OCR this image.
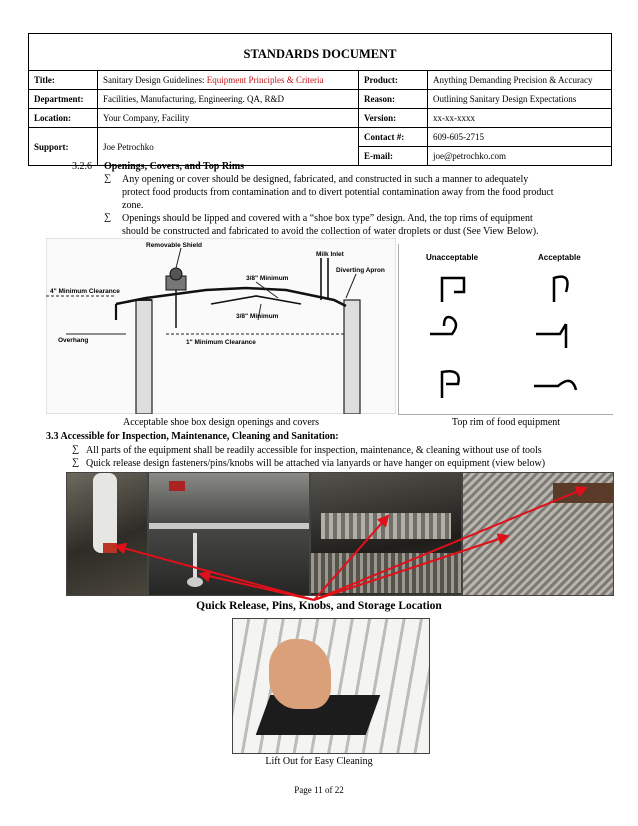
STANDARDS DOCUMENT			
Title:	Sanitary Design Guidelines: Equipment Principles & Criteria	Product:	Anything Demanding Precision & Accuracy
Department:	Facilities, Manufacturing, Engineering. QA, R&D	Reason:	Outlining Sanitary Design Expectations
Location:	Your Company, Facility	Version:	xx-xx-xxxx
Support:	Joe Petrochko	Contact #:	609-605-2715
		E-mail:	joe@petrochko.com
3.2.6 Openings, Covers, and Top Rims
∑ Any opening or cover should be designed, fabricated, and constructed in such a manner to adequately
protect food products from contamination and to divert potential contamination away from the food product
zone.
∑ Openings should be lipped and covered with a “shoe box type” design. And, the top rims of equipment
should be constructed and fabricated to avoid the collection of water droplets or dust (See View Below).
Removable Shield
Milk Inlet
3/8" Minimum
Diverting Apron
4" Minimum Clearance
3/8" Minimum
Overhang	1" Minimum Clearance
Acceptable shoe box design openings and covers
Unacceptable	Acceptable
Top rim of food equipment
3.3 Accessible for Inspection, Maintenance, Cleaning and Sanitation:
∑ All parts of the equipment shall be readily accessible for inspection, maintenance, & cleaning without use of tools
∑ Quick release design fasteners/pins/knobs will be attached via lanyards or have hanger on equipment (view below)
Quick Release, Pins, Knobs, and Storage Location
Lift Out for Easy Cleaning
Page 11 of 22
